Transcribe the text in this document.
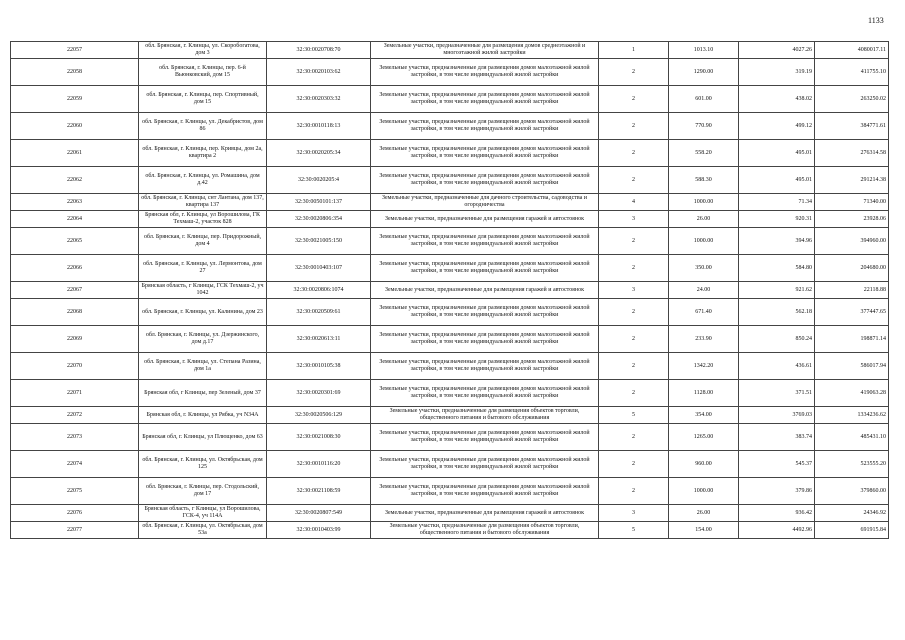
1133
22057	обл. Брянская, г. Клинцы, ул. Скоробогатова, дом 3	32:30:0020708:70	Земельные участки, предназначенные для размещения домов среднеэтажной и многоэтажной жилой застройки	1	1013.10	4027.26	4080017.11
22058	обл. Брянская, г. Клинцы, пер. 6-й Вьюнковский, дом 15	32:30:0020103:62	Земельные участки, предназначенные для размещения домов малоэтажной жилой застройки, в том числе индивидуальной жилой застройки	2	1290.00	319.19	411755.10
22059	обл. Брянская, г. Клинцы, пер. Спортивный, дом 15	32:30:0020303:32	Земельные участки, предназначенные для размещения домов малоэтажной жилой застройки, в том числе индивидуальной жилой застройки	2	601.00	438.02	263250.02
22060	обл. Брянская, г. Клинцы, ул. Декабристов, дом 86	32:30:0010118:13	Земельные участки, предназначенные для размещения домов малоэтажной жилой застройки, в том числе индивидуальной жилой застройки	2	770.90	499.12	384771.61
22061	обл. Брянская, г. Клинцы, пер. Кривцы, дом 2а, квартира 2	32:30:0020205:34	Земельные участки, предназначенные для размещения домов малоэтажной жилой застройки, в том числе индивидуальной жилой застройки	2	558.20	495.01	276314.58
22062	обл. Брянская, г. Клинцы, ул. Ромашина, дом д.42	32:30:0020205:4	Земельные участки, предназначенные для размещения домов малоэтажной жилой застройки, в том числе индивидуальной жилой застройки	2	588.30	495.01	291214.38
22063	обл. Брянская, г. Клинцы, снт Лантана, дом 137, квартира 137	32:30:0050101:137	Земельные участки, предназначенные для дачного строительства, садоводства и огородничества	4	1000.00	71.34	71340.00
22064	Брянская обл, г. Клинцы, ул Ворошилова, ГК Техмаш-2, участок 828	32:30:0020806:354	Земельные участки, предназначенные для размещения гаражей и автостоянок	3	26.00	920.31	23928.06
22065	обл. Брянская, г. Клинцы, пер. Придорожный, дом 4	32:30:0021005:150	Земельные участки, предназначенные для размещения домов малоэтажной жилой застройки, в том числе индивидуальной жилой застройки	2	1000.00	394.96	394960.00
22066	обл. Брянская, г. Клинцы, ул. Лермонтова, дом 27	32:30:0010403:107	Земельные участки, предназначенные для размещения домов малоэтажной жилой застройки, в том числе индивидуальной жилой застройки	2	350.00	584.80	204680.00
22067	Брянская область, г Клинцы, ГСК Техмаш-2, уч 1042	32:30:0020806:1074	Земельные участки, предназначенные для размещения гаражей и автостоянок	3	24.00	921.62	22118.88
22068	обл. Брянская, г. Клинцы, ул. Калинина, дом 23	32:30:0020509:61	Земельные участки, предназначенные для размещения домов малоэтажной жилой застройки, в том числе индивидуальной жилой застройки	2	671.40	562.18	377447.65
22069	обл. Брянская, г. Клинцы, ул. Дзержинского, дом д.17	32:30:0020613:11	Земельные участки, предназначенные для размещения домов малоэтажной жилой застройки, в том числе индивидуальной жилой застройки	2	233.90	850.24	198871.14
22070	обл. Брянская, г. Клинцы, ул. Степана Разина, дом 1а	32:30:0010105:38	Земельные участки, предназначенные для размещения домов малоэтажной жилой застройки, в том числе индивидуальной жилой застройки	2	1342.20	436.61	586017.94
22071	Брянская обл, г Клинцы, пер Зеленый, дом 37	32:30:0020301:69	Земельные участки, предназначенные для размещения домов малоэтажной жилой застройки, в том числе индивидуальной жилой застройки	2	1128.00	371.51	419063.28
22072	Брянская обл, г. Клинцы, ул Рябка, уч N34А	32:30:0020506:129	Земельные участки, предназначенные для размещения объектов торговли, общественного питания и бытового обслуживания	5	354.00	3769.03	1334236.62
22073	Брянская обл, г. Клинцы, ул Плющенко, дом 63	32:30:0021008:30	Земельные участки, предназначенные для размещения домов малоэтажной жилой застройки, в том числе индивидуальной жилой застройки	2	1265.00	383.74	485431.10
22074	обл. Брянская, г. Клинцы, ул. Октябрьская, дом 125	32:30:0010116:20	Земельные участки, предназначенные для размещения домов малоэтажной жилой застройки, в том числе индивидуальной жилой застройки	2	960.00	545.37	523555.20
22075	обл. Брянская, г. Клинцы, пер. Стодольский, дом 17	32:30:0021108:59	Земельные участки, предназначенные для размещения домов малоэтажной жилой застройки, в том числе индивидуальной жилой застройки	2	1000.00	379.86	379860.00
22076	Брянская область, г Клинцы, ул Ворошилова, ГСК-4, уч 114А	32:30:0020807:549	Земельные участки, предназначенные для размещения гаражей и автостоянок	3	26.00	936.42	24346.92
22077	обл. Брянская, г. Клинцы, ул. Октябрьская, дом 53а	32:30:0010403:99	Земельные участки, предназначенные для размещения объектов торговли, общественного питания и бытового обслуживания	5	154.00	4492.96	691915.84
